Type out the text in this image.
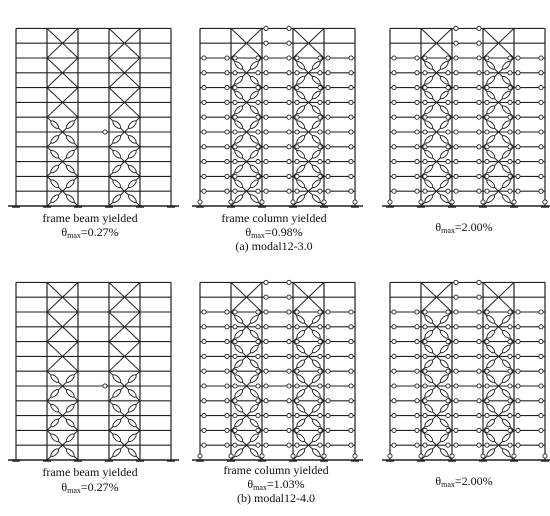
frame beam yielded
$\theta_{max}=0.27\%$
frame column yielded
$\theta_{max}=0.98\%$
(a) modal12-3.0
$\theta_{max}=2.00\%$
frame beam yielded
$\theta_{max}=0.27\%$
frame column yielded
$\theta_{max}=1.03\%$
(b) modal12-4.0
$\theta_{max}=2.00\%$
